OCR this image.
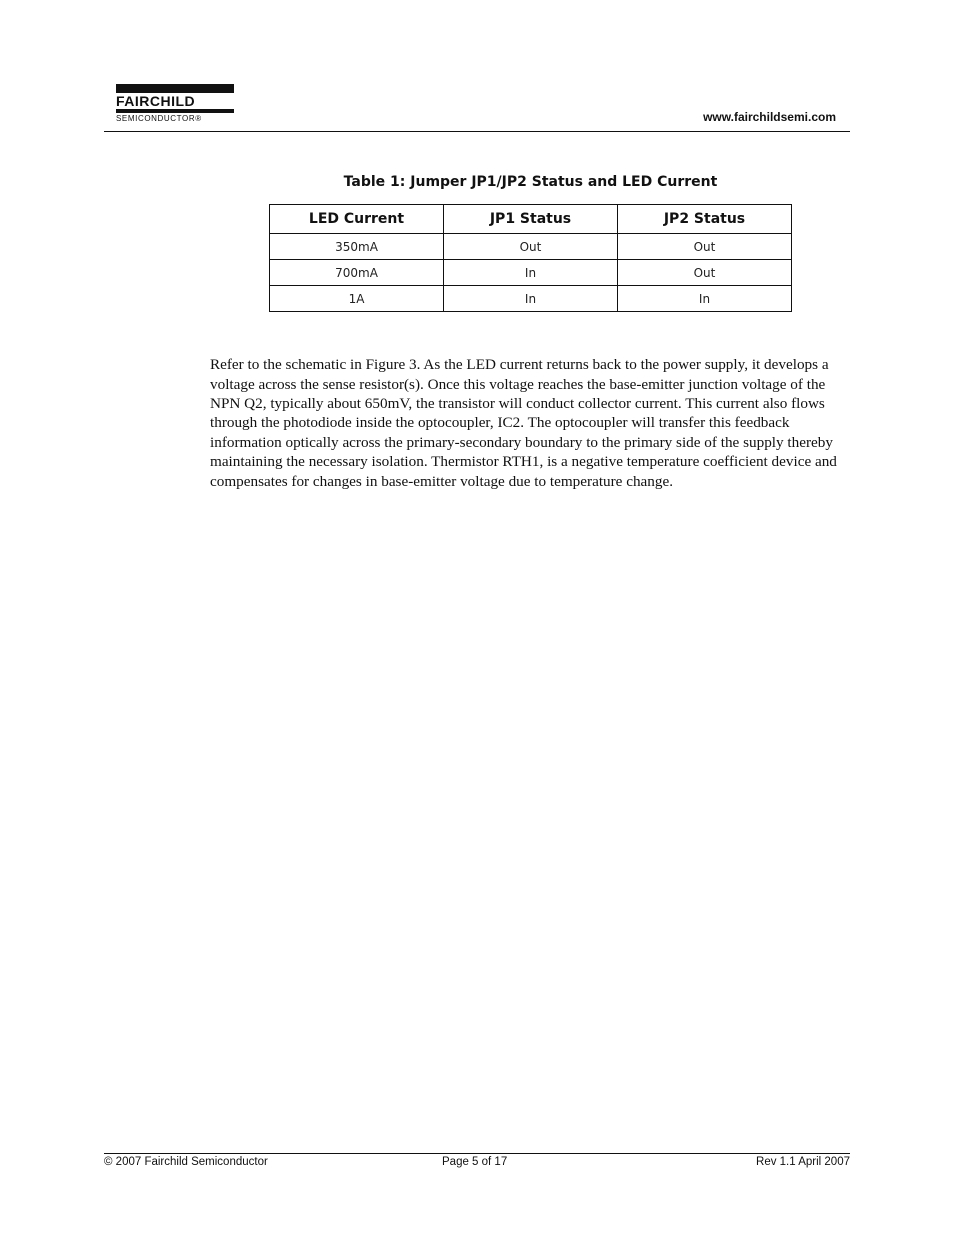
FAIRCHILD
SEMICONDUCTOR®	www.fairchildsemi.com
Table 1: Jumper JP1/JP2 Status and LED Current
LED Current	JP1 Status	JP2 Status
350mA	Out	Out
700mA	In	Out
1A	In	In

Refer to the schematic in Figure 3. As the LED current returns back to the power supply, it develops a voltage across the sense resistor(s). Once this voltage reaches the base-emitter junction voltage of the NPN Q2, typically about 650mV, the transistor will conduct collector current. This current also flows through the photodiode inside the optocoupler, IC2. The optocoupler will transfer this feedback information optically across the primary-secondary boundary to the primary side of the supply thereby maintaining the necessary isolation. Thermistor RTH1, is a negative temperature coefficient device and compensates for changes in base-emitter voltage due to temperature change.

© 2007 Fairchild Semiconductor	Page 5 of 17	Rev 1.1 April 2007
